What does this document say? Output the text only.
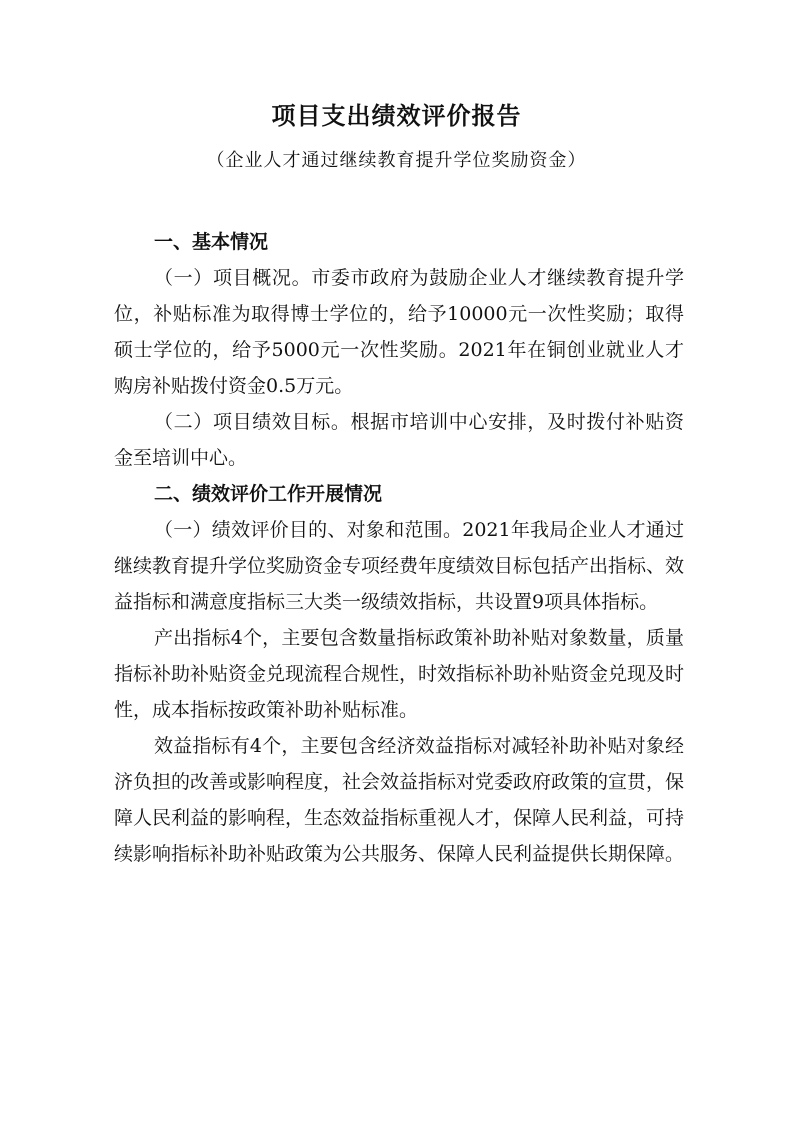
项目支出绩效评价报告

（企业人才通过继续教育提升学位奖励资金）

一、基本情况

（一）项目概况。市委市政府为鼓励企业人才继续教育提升学位，补贴标准为取得博士学位的，给予10000元一次性奖励；取得硕士学位的，给予5000元一次性奖励。2021年在铜创业就业人才购房补贴拨付资金0.5万元。

（二）项目绩效目标。根据市培训中心安排，及时拨付补贴资金至培训中心。

二、绩效评价工作开展情况

（一）绩效评价目的、对象和范围。2021年我局企业人才通过继续教育提升学位奖励资金专项经费年度绩效目标包括产出指标、效益指标和满意度指标三大类一级绩效指标，共设置9项具体指标。

产出指标4个，主要包含数量指标政策补助补贴对象数量，质量指标补助补贴资金兑现流程合规性，时效指标补助补贴资金兑现及时性，成本指标按政策补助补贴标准。

效益指标有4个，主要包含经济效益指标对减轻补助补贴对象经济负担的改善或影响程度，社会效益指标对党委政府政策的宣贯，保障人民利益的影响程，生态效益指标重视人才，保障人民利益，可持续影响指标补助补贴政策为公共服务、保障人民利益提供长期保障。
